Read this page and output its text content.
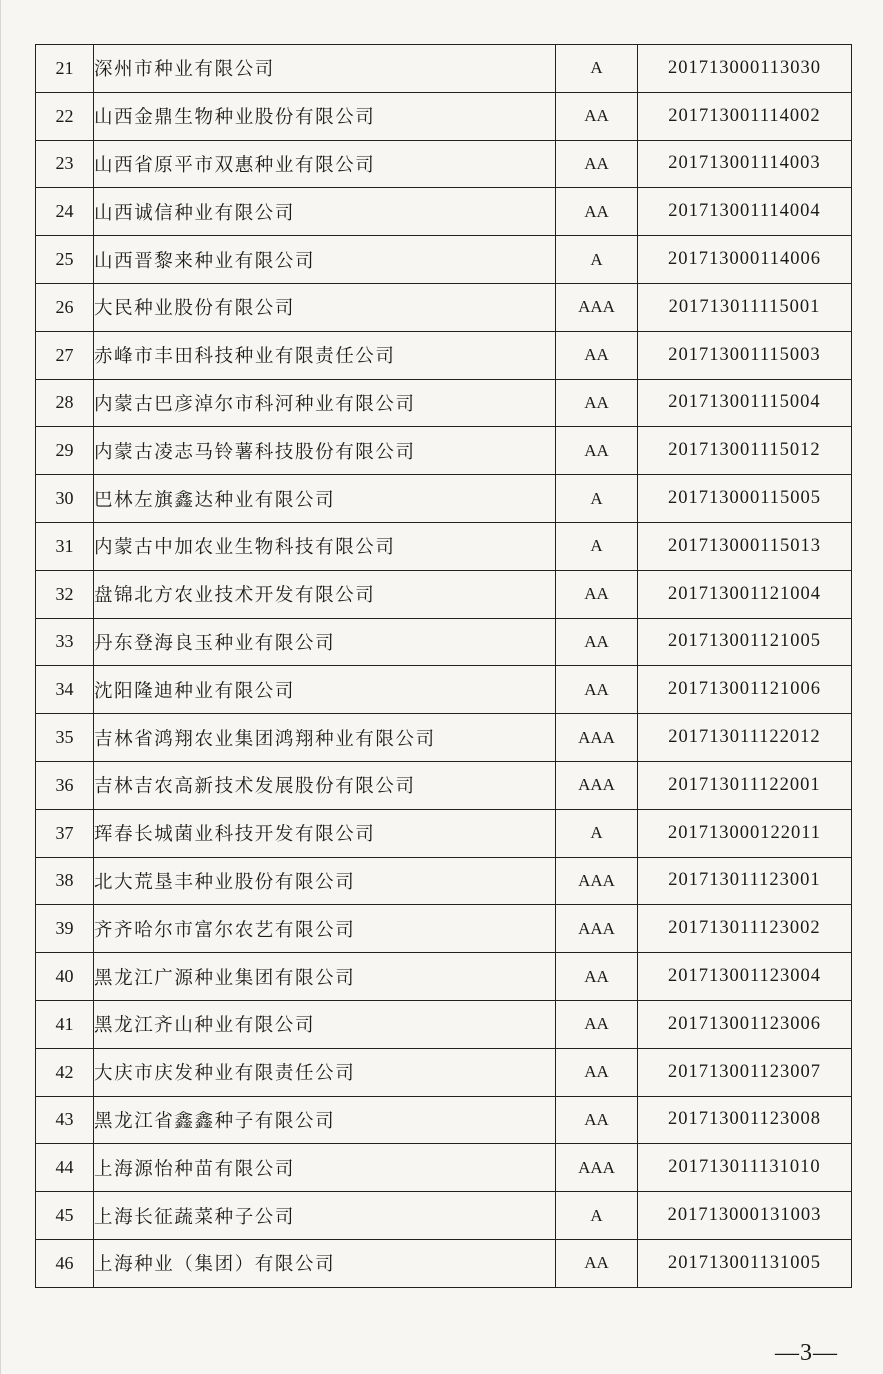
21	深州市种业有限公司	A	201713000113030
22	山西金鼎生物种业股份有限公司	AA	201713001114002
23	山西省原平市双惠种业有限公司	AA	201713001114003
24	山西诚信种业有限公司	AA	201713001114004
25	山西晋黎来种业有限公司	A	201713000114006
26	大民种业股份有限公司	AAA	201713011115001
27	赤峰市丰田科技种业有限责任公司	AA	201713001115003
28	内蒙古巴彦淖尔市科河种业有限公司	AA	201713001115004
29	内蒙古凌志马铃薯科技股份有限公司	AA	201713001115012
30	巴林左旗鑫达种业有限公司	A	201713000115005
31	内蒙古中加农业生物科技有限公司	A	201713000115013
32	盘锦北方农业技术开发有限公司	AA	201713001121004
33	丹东登海良玉种业有限公司	AA	201713001121005
34	沈阳隆迪种业有限公司	AA	201713001121006
35	吉林省鸿翔农业集团鸿翔种业有限公司	AAA	201713011122012
36	吉林吉农高新技术发展股份有限公司	AAA	201713011122001
37	珲春长城菌业科技开发有限公司	A	201713000122011
38	北大荒垦丰种业股份有限公司	AAA	201713011123001
39	齐齐哈尔市富尔农艺有限公司	AAA	201713011123002
40	黑龙江广源种业集团有限公司	AA	201713001123004
41	黑龙江齐山种业有限公司	AA	201713001123006
42	大庆市庆发种业有限责任公司	AA	201713001123007
43	黑龙江省鑫鑫种子有限公司	AA	201713001123008
44	上海源怡种苗有限公司	AAA	201713011131010
45	上海长征蔬菜种子公司	A	201713000131003
46	上海种业（集团）有限公司	AA	201713001131005
—3—
